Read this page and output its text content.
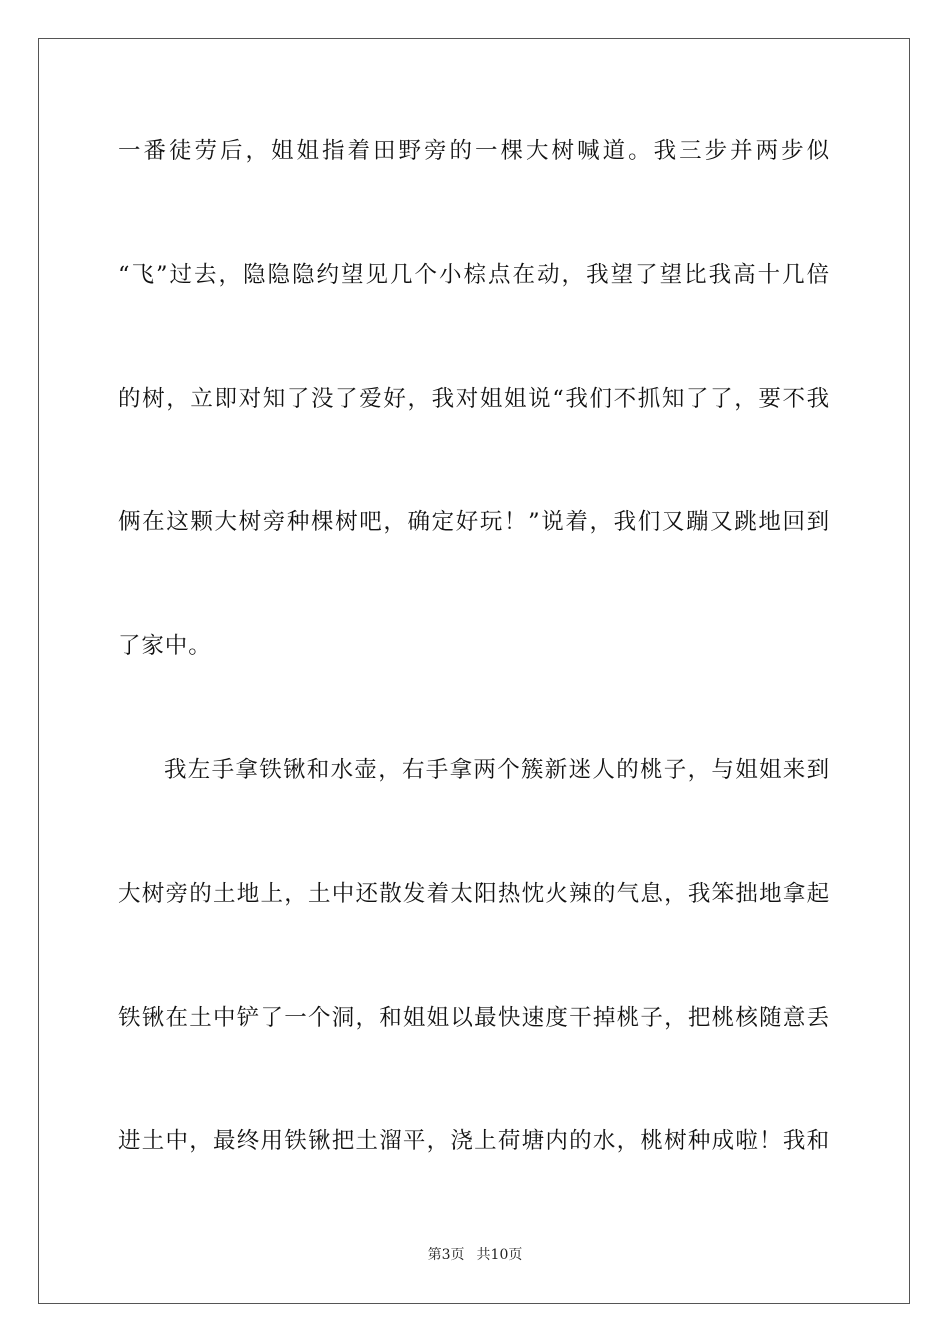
一番徒劳后，姐姐指着田野旁的一棵大树喊道。我三步并两步似
“飞”过去，隐隐隐约望见几个小棕点在动，我望了望比我高十几倍
的树，立即对知了没了爱好，我对姐姐说“我们不抓知了了，要不我
俩在这颗大树旁种棵树吧，确定好玩！”说着，我们又蹦又跳地回到
了家中。
我左手拿铁锹和水壶，右手拿两个簇新迷人的桃子，与姐姐来到
大树旁的土地上，土中还散发着太阳热忱火辣的气息，我笨拙地拿起
铁锹在土中铲了一个洞，和姐姐以最快速度干掉桃子，把桃核随意丢
进土中，最终用铁锹把土溜平，浇上荷塘内的水，桃树种成啦！我和
第3页 共10页
